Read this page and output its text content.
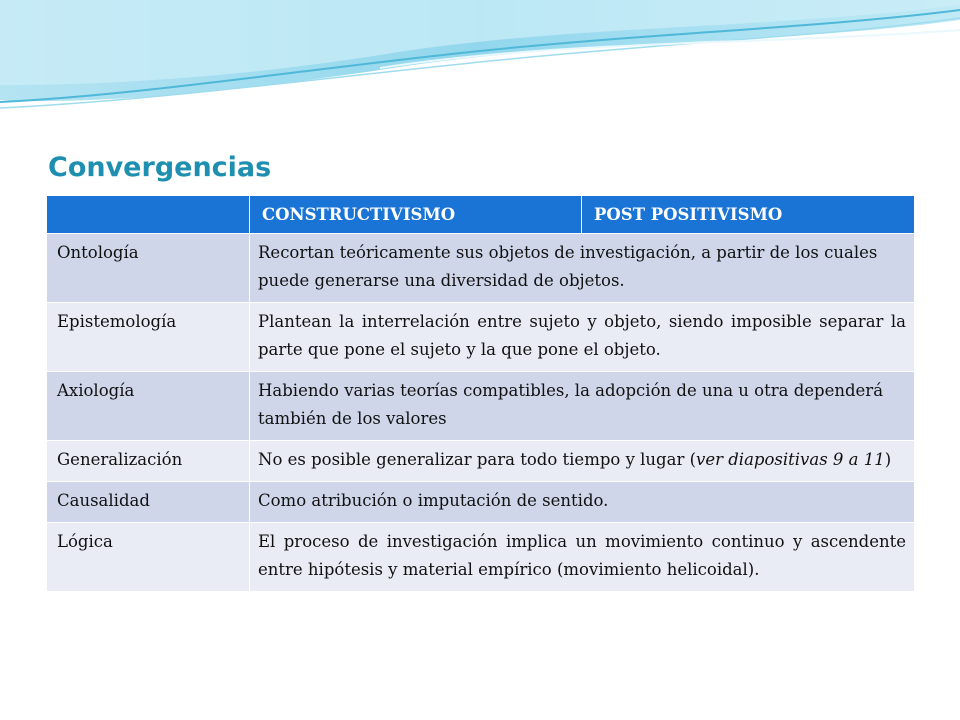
Convergencias
	CONSTRUCTIVISMO	POST POSITIVISMO
Ontología	Recortan teóricamente sus objetos de investigación, a partir de los cuales puede generarse una diversidad de objetos.	
Epistemología	Plantean la interrelación entre sujeto y objeto, siendo imposible separar la parte que pone el sujeto y la que pone el objeto.	
Axiología	Habiendo varias teorías compatibles, la adopción de una u otra dependerá también de los valores	
Generalización	No es posible generalizar para todo tiempo y lugar (ver diapositivas 9 a 11)	
Causalidad	Como atribución o imputación de sentido.	
Lógica	El proceso de investigación implica un movimiento continuo y ascendente entre hipótesis y material empírico (movimiento helicoidal).	
